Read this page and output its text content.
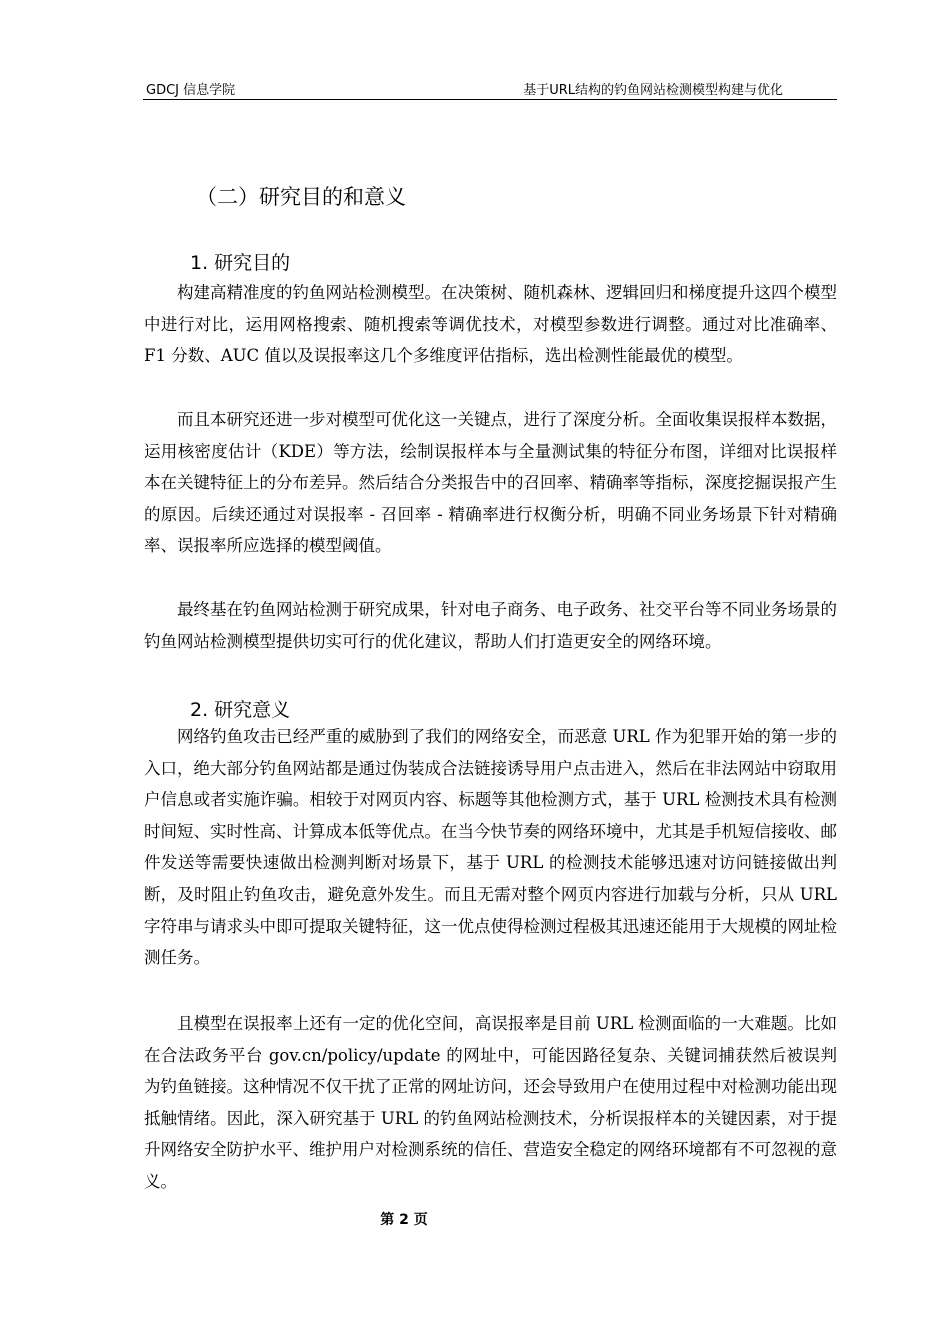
GDCJ 信息学院	基于URL结构的钓鱼网站检测模型构建与优化
（二）研究目的和意义
1. 研究目的

构建高精准度的钓鱼网站检测模型。在决策树、随机森林、逻辑回归和梯度提升这四个模型中进行对比，运用网格搜索、随机搜索等调优技术，对模型参数进行调整。通过对比准确率、F1 分数、AUC 值以及误报率这几个多维度评估指标，选出检测性能最优的模型。

而且本研究还进一步对模型可优化这一关键点，进行了深度分析。全面收集误报样本数据，运用核密度估计（KDE）等方法，绘制误报样本与全量测试集的特征分布图，详细对比误报样本在关键特征上的分布差异。然后结合分类报告中的召回率、精确率等指标，深度挖掘误报产生的原因。后续还通过对误报率 - 召回率 - 精确率进行权衡分析，明确不同业务场景下针对精确率、误报率所应选择的模型阈值。

最终基在钓鱼网站检测于研究成果，针对电子商务、电子政务、社交平台等不同业务场景的钓鱼网站检测模型提供切实可行的优化建议，帮助人们打造更安全的网络环境。

2. 研究意义

网络钓鱼攻击已经严重的威胁到了我们的网络安全，而恶意 URL 作为犯罪开始的第一步的入口，绝大部分钓鱼网站都是通过伪装成合法链接诱导用户点击进入，然后在非法网站中窃取用户信息或者实施诈骗。相较于对网页内容、标题等其他检测方式，基于 URL 检测技术具有检测时间短、实时性高、计算成本低等优点。在当今快节奏的网络环境中，尤其是手机短信接收、邮件发送等需要快速做出检测判断对场景下，基于 URL 的检测技术能够迅速对访问链接做出判断，及时阻止钓鱼攻击，避免意外发生。而且无需对整个网页内容进行加载与分析，只从 URL 字符串与请求头中即可提取关键特征，这一优点使得检测过程极其迅速还能用于大规模的网址检测任务。

且模型在误报率上还有一定的优化空间，高误报率是目前 URL 检测面临的一大难题。比如在合法政务平台 gov.cn/policy/update 的网址中，可能因路径复杂、关键词捕获然后被误判为钓鱼链接。这种情况不仅干扰了正常的网址访问，还会导致用户在使用过程中对检测功能出现抵触情绪。因此，深入研究基于 URL 的钓鱼网站检测技术，分析误报样本的关键因素，对于提升网络安全防护水平、维护用户对检测系统的信任、营造安全稳定的网络环境都有不可忽视的意义。

第 2 页
